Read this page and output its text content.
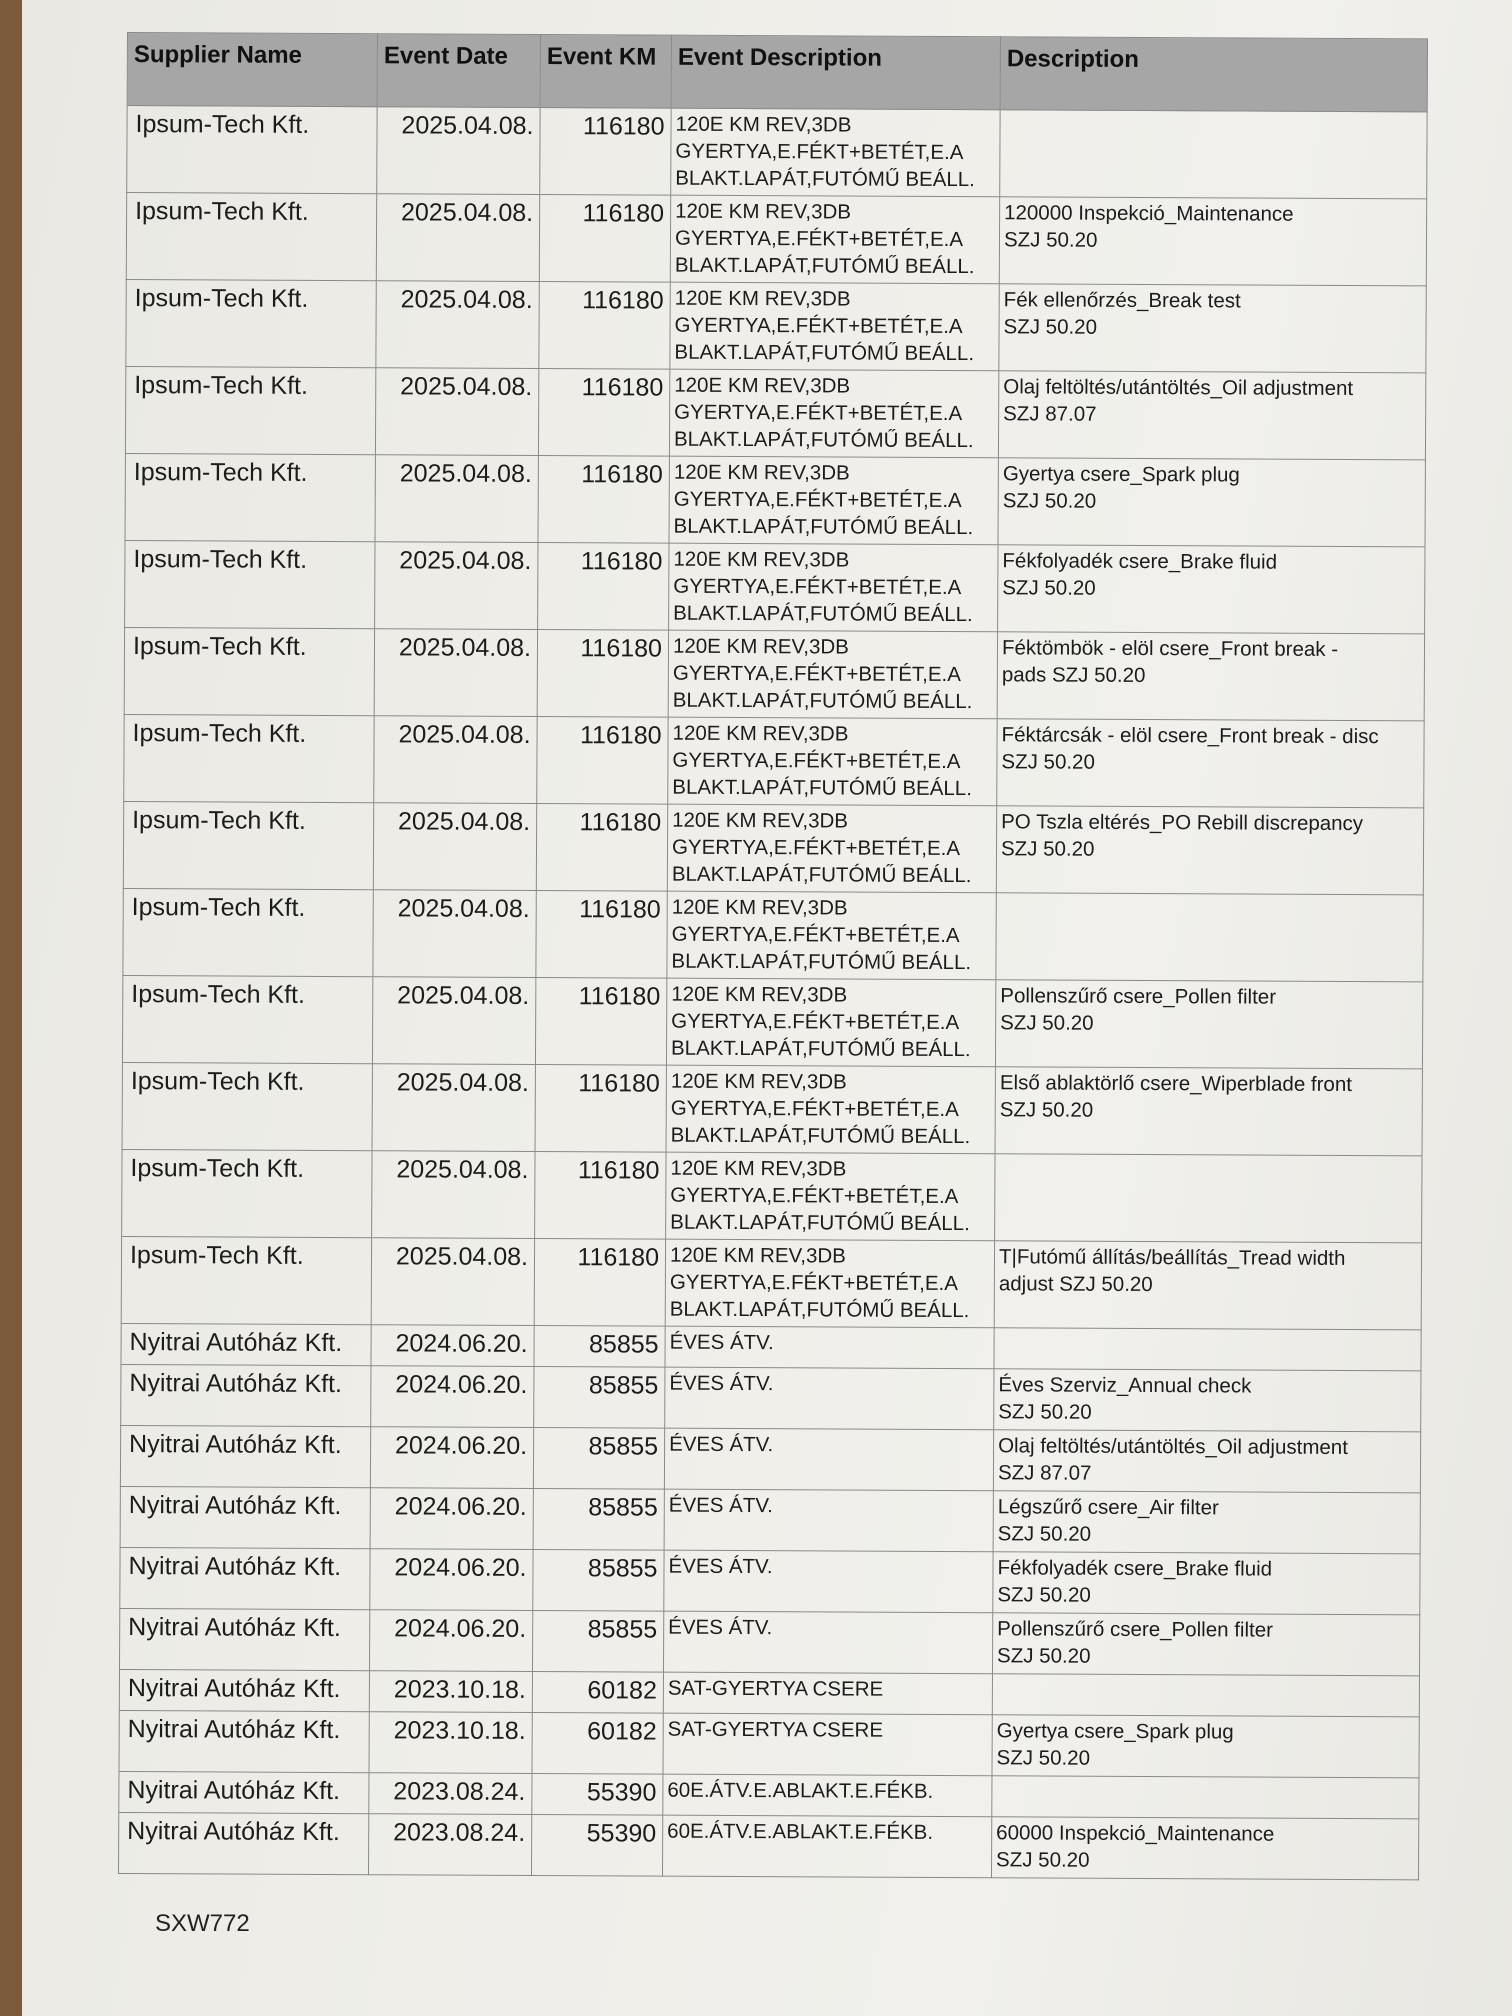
Supplier Name	Event Date	Event KM	Event Description	Description
Ipsum-Tech Kft.	2025.04.08.	116180	120E KM REV,3DB
GYERTYA,E.FÉKT+BETÉT,E.A
BLAKT.LAPÁT,FUTÓMŰ BEÁLL.	
Ipsum-Tech Kft.	2025.04.08.	116180	120E KM REV,3DB
GYERTYA,E.FÉKT+BETÉT,E.A
BLAKT.LAPÁT,FUTÓMŰ BEÁLL.	120000 Inspekció_Maintenance
SZJ 50.20
Ipsum-Tech Kft.	2025.04.08.	116180	120E KM REV,3DB
GYERTYA,E.FÉKT+BETÉT,E.A
BLAKT.LAPÁT,FUTÓMŰ BEÁLL.	Fék ellenőrzés_Break test
SZJ 50.20
Ipsum-Tech Kft.	2025.04.08.	116180	120E KM REV,3DB
GYERTYA,E.FÉKT+BETÉT,E.A
BLAKT.LAPÁT,FUTÓMŰ BEÁLL.	Olaj feltöltés/utántöltés_Oil adjustment
SZJ 87.07
Ipsum-Tech Kft.	2025.04.08.	116180	120E KM REV,3DB
GYERTYA,E.FÉKT+BETÉT,E.A
BLAKT.LAPÁT,FUTÓMŰ BEÁLL.	Gyertya csere_Spark plug
SZJ 50.20
Ipsum-Tech Kft.	2025.04.08.	116180	120E KM REV,3DB
GYERTYA,E.FÉKT+BETÉT,E.A
BLAKT.LAPÁT,FUTÓMŰ BEÁLL.	Fékfolyadék csere_Brake fluid
SZJ 50.20
Ipsum-Tech Kft.	2025.04.08.	116180	120E KM REV,3DB
GYERTYA,E.FÉKT+BETÉT,E.A
BLAKT.LAPÁT,FUTÓMŰ BEÁLL.	Féktömbök - elöl csere_Front break -
pads SZJ 50.20
Ipsum-Tech Kft.	2025.04.08.	116180	120E KM REV,3DB
GYERTYA,E.FÉKT+BETÉT,E.A
BLAKT.LAPÁT,FUTÓMŰ BEÁLL.	Féktárcsák - elöl csere_Front break - disc
SZJ 50.20
Ipsum-Tech Kft.	2025.04.08.	116180	120E KM REV,3DB
GYERTYA,E.FÉKT+BETÉT,E.A
BLAKT.LAPÁT,FUTÓMŰ BEÁLL.	PO Tszla eltérés_PO Rebill discrepancy
SZJ 50.20
Ipsum-Tech Kft.	2025.04.08.	116180	120E KM REV,3DB
GYERTYA,E.FÉKT+BETÉT,E.A
BLAKT.LAPÁT,FUTÓMŰ BEÁLL.	
Ipsum-Tech Kft.	2025.04.08.	116180	120E KM REV,3DB
GYERTYA,E.FÉKT+BETÉT,E.A
BLAKT.LAPÁT,FUTÓMŰ BEÁLL.	Pollenszűrő csere_Pollen filter
SZJ 50.20
Ipsum-Tech Kft.	2025.04.08.	116180	120E KM REV,3DB
GYERTYA,E.FÉKT+BETÉT,E.A
BLAKT.LAPÁT,FUTÓMŰ BEÁLL.	Első ablaktörlő csere_Wiperblade front
SZJ 50.20
Ipsum-Tech Kft.	2025.04.08.	116180	120E KM REV,3DB
GYERTYA,E.FÉKT+BETÉT,E.A
BLAKT.LAPÁT,FUTÓMŰ BEÁLL.	
Ipsum-Tech Kft.	2025.04.08.	116180	120E KM REV,3DB
GYERTYA,E.FÉKT+BETÉT,E.A
BLAKT.LAPÁT,FUTÓMŰ BEÁLL.	T|Futómű állítás/beállítás_Tread width
adjust SZJ 50.20
Nyitrai Autóház Kft.	2024.06.20.	85855	ÉVES ÁTV.	
Nyitrai Autóház Kft.	2024.06.20.	85855	ÉVES ÁTV.	Éves Szerviz_Annual check
SZJ 50.20
Nyitrai Autóház Kft.	2024.06.20.	85855	ÉVES ÁTV.	Olaj feltöltés/utántöltés_Oil adjustment
SZJ 87.07
Nyitrai Autóház Kft.	2024.06.20.	85855	ÉVES ÁTV.	Légszűrő csere_Air filter
SZJ 50.20
Nyitrai Autóház Kft.	2024.06.20.	85855	ÉVES ÁTV.	Fékfolyadék csere_Brake fluid
SZJ 50.20
Nyitrai Autóház Kft.	2024.06.20.	85855	ÉVES ÁTV.	Pollenszűrő csere_Pollen filter
SZJ 50.20
Nyitrai Autóház Kft.	2023.10.18.	60182	SAT-GYERTYA CSERE	
Nyitrai Autóház Kft.	2023.10.18.	60182	SAT-GYERTYA CSERE	Gyertya csere_Spark plug
SZJ 50.20
Nyitrai Autóház Kft.	2023.08.24.	55390	60E.ÁTV.E.ABLAKT.E.FÉKB.	
Nyitrai Autóház Kft.	2023.08.24.	55390	60E.ÁTV.E.ABLAKT.E.FÉKB.	60000 Inspekció_Maintenance
SZJ 50.20
SXW772
